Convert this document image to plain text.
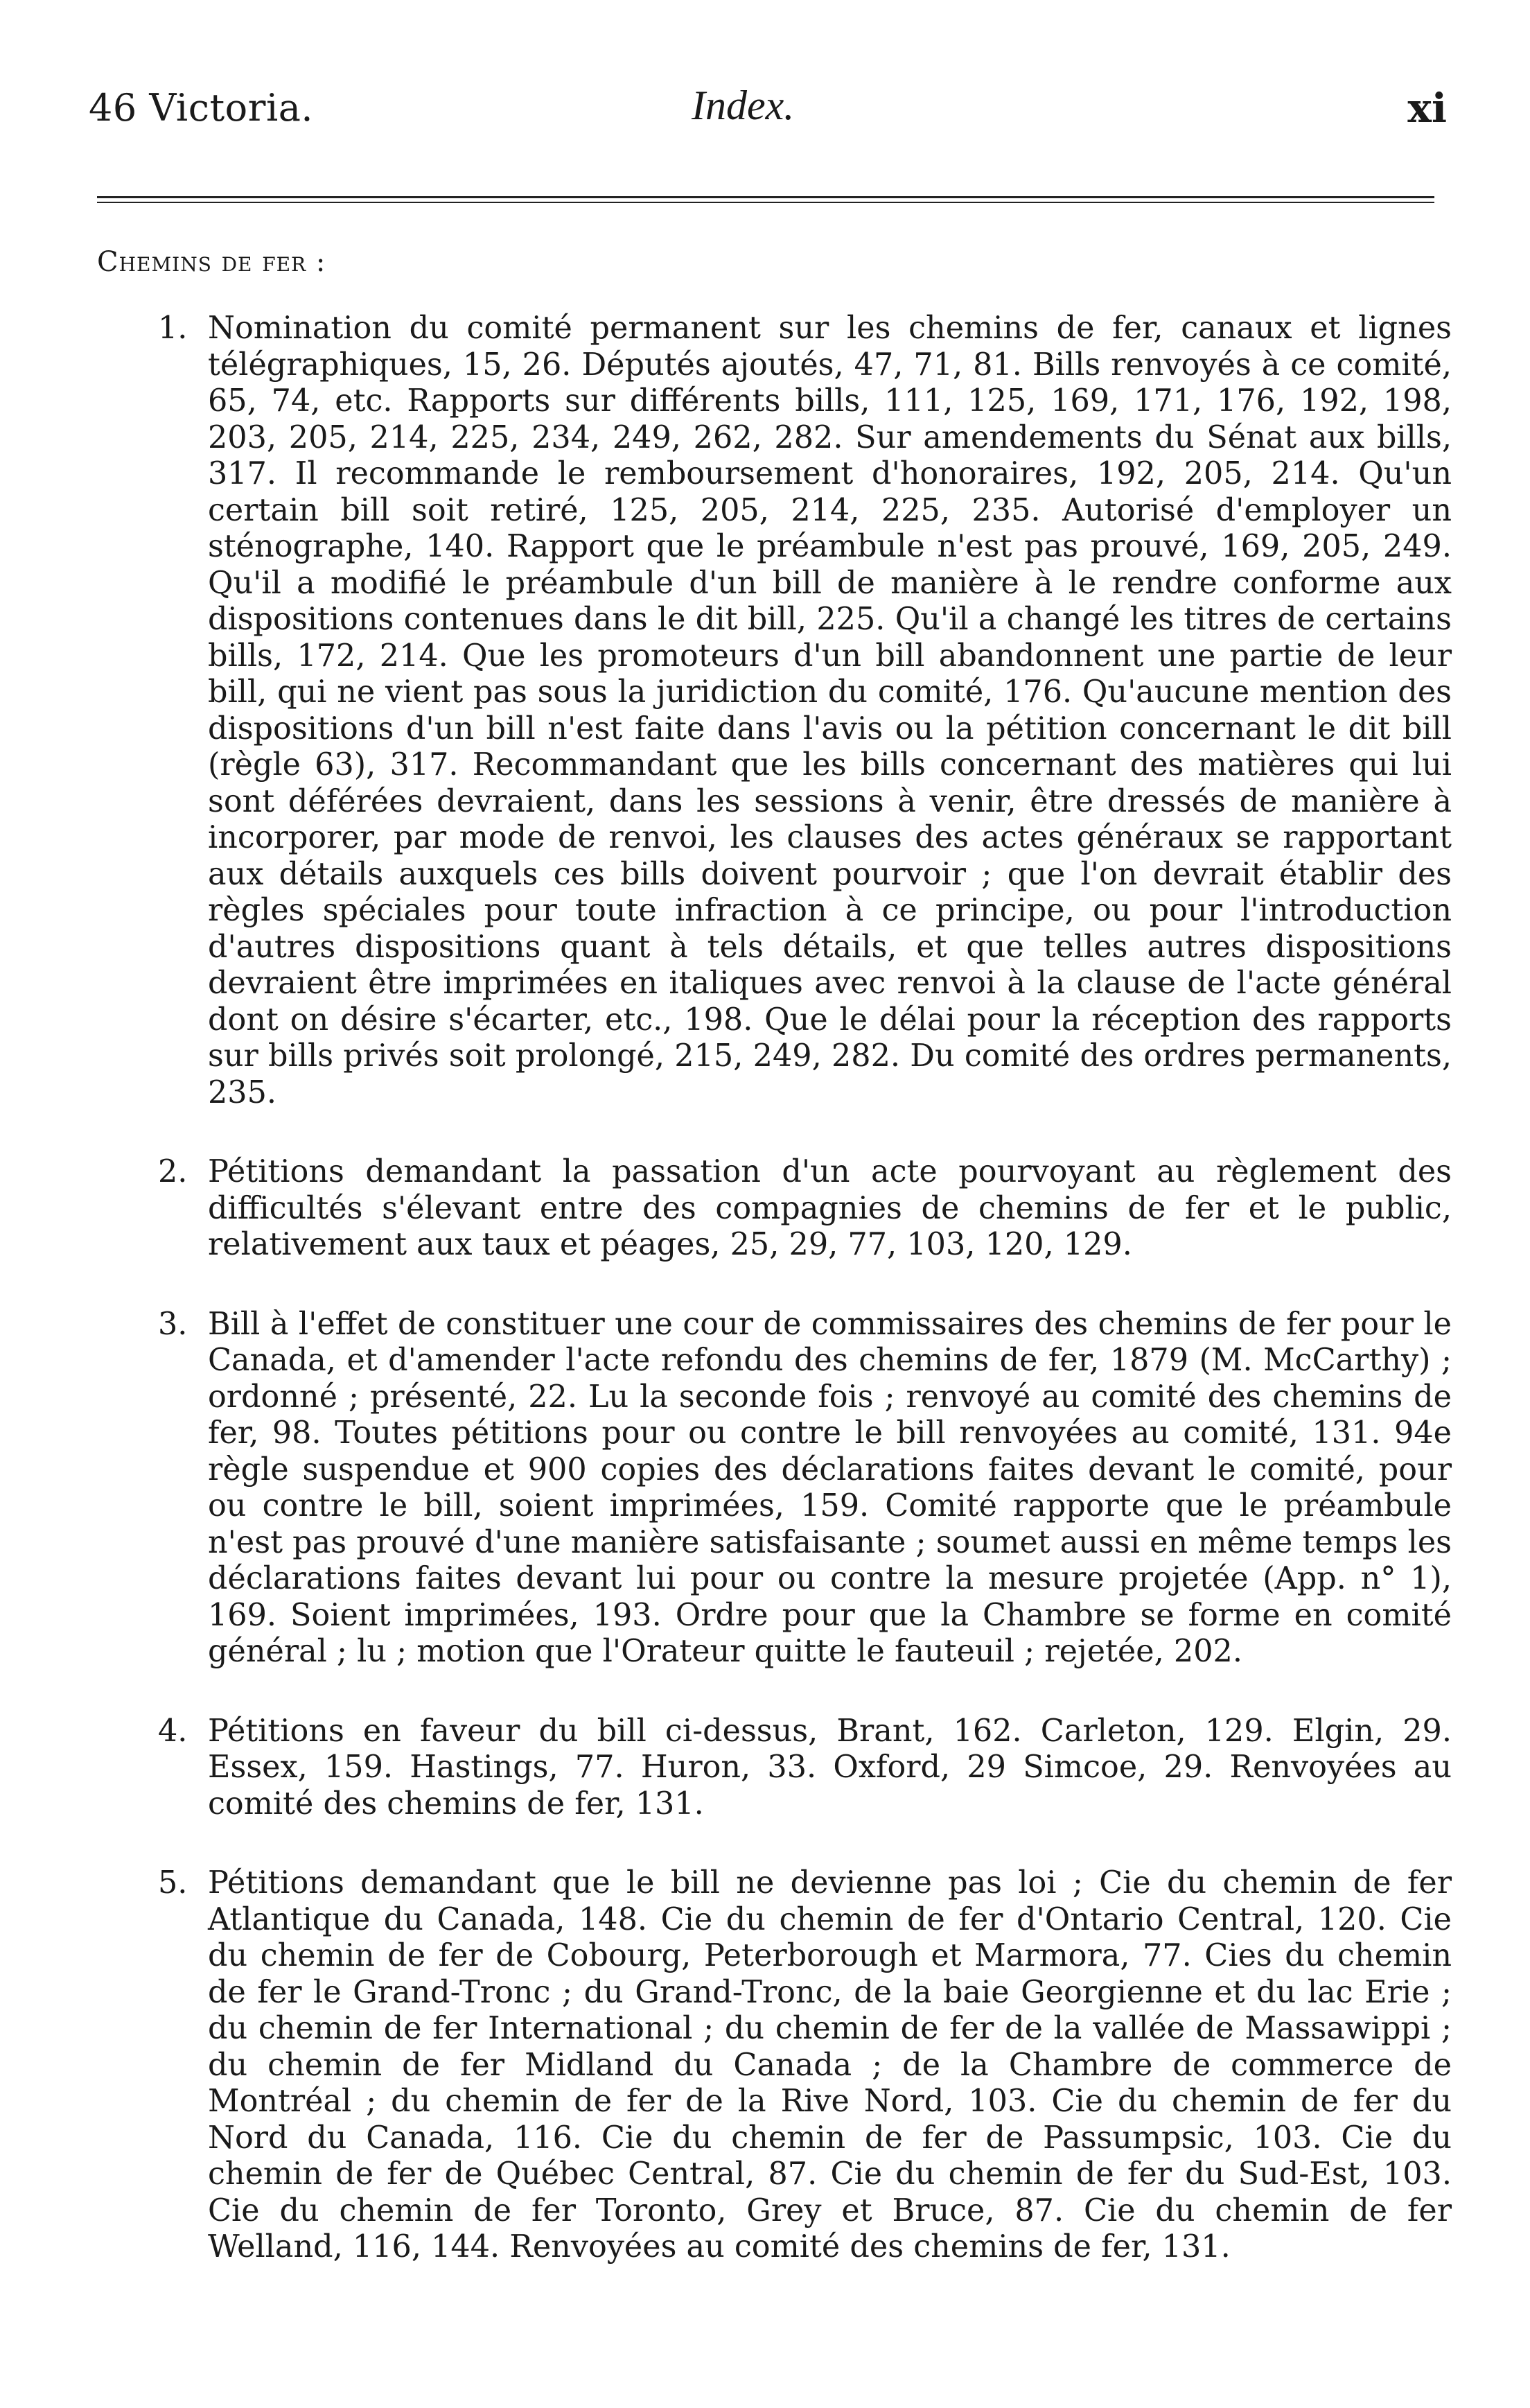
46 Victoria.	Index.	xi
Chemins de fer :

1. Nomination du comité permanent sur les chemins de fer, canaux et lignes télégraphiques, 15, 26. Députés ajoutés, 47, 71, 81. Bills renvoyés à ce comité, 65, 74, etc. Rapports sur différents bills, 111, 125, 169, 171, 176, 192, 198, 203, 205, 214, 225, 234, 249, 262, 282. Sur amendements du Sénat aux bills, 317. Il recommande le remboursement d'honoraires, 192, 205, 214. Qu'un certain bill soit retiré, 125, 205, 214, 225, 235. Autorisé d'employer un sténographe, 140. Rapport que le préambule n'est pas prouvé, 169, 205, 249. Qu'il a modifié le préambule d'un bill de manière à le rendre conforme aux dispositions contenues dans le dit bill, 225. Qu'il a changé les titres de certains bills, 172, 214. Que les promoteurs d'un bill abandonnent une partie de leur bill, qui ne vient pas sous la juridiction du comité, 176. Qu'aucune mention des dispositions d'un bill n'est faite dans l'avis ou la pétition concernant le dit bill (règle 63), 317. Recommandant que les bills concernant des matières qui lui sont déférées devraient, dans les sessions à venir, être dressés de manière à incorporer, par mode de renvoi, les clauses des actes généraux se rapportant aux détails auxquels ces bills doivent pourvoir ; que l'on devrait établir des règles spéciales pour toute infraction à ce principe, ou pour l'introduction d'autres dispositions quant à tels détails, et que telles autres dispositions devraient être imprimées en italiques avec renvoi à la clause de l'acte général dont on désire s'écarter, etc., 198. Que le délai pour la réception des rapports sur bills privés soit prolongé, 215, 249, 282. Du comité des ordres permanents, 235.

2. Pétitions demandant la passation d'un acte pourvoyant au règlement des difficultés s'élevant entre des compagnies de chemins de fer et le public, relativement aux taux et péages, 25, 29, 77, 103, 120, 129.

3. Bill à l'effet de constituer une cour de commissaires des chemins de fer pour le Canada, et d'amender l'acte refondu des chemins de fer, 1879 (M. McCarthy) ; ordonné ; présenté, 22. Lu la seconde fois ; renvoyé au comité des chemins de fer, 98. Toutes pétitions pour ou contre le bill renvoyées au comité, 131. 94e règle suspendue et 900 copies des déclarations faites devant le comité, pour ou contre le bill, soient imprimées, 159. Comité rapporte que le préambule n'est pas prouvé d'une manière satisfaisante ; soumet aussi en même temps les déclarations faites devant lui pour ou contre la mesure projetée (App. n° 1), 169. Soient imprimées, 193. Ordre pour que la Chambre se forme en comité général ; lu ; motion que l'Orateur quitte le fauteuil ; rejetée, 202.

4. Pétitions en faveur du bill ci-dessus, Brant, 162. Carleton, 129. Elgin, 29. Essex, 159. Hastings, 77. Huron, 33. Oxford, 29 Simcoe, 29. Renvoyées au comité des chemins de fer, 131.

5. Pétitions demandant que le bill ne devienne pas loi ; Cie du chemin de fer Atlantique du Canada, 148. Cie du chemin de fer d'Ontario Central, 120. Cie du chemin de fer de Cobourg, Peterborough et Marmora, 77. Cies du chemin de fer le Grand-Tronc ; du Grand-Tronc, de la baie Georgienne et du lac Erie ; du chemin de fer International ; du chemin de fer de la vallée de Massawippi ; du chemin de fer Midland du Canada ; de la Chambre de commerce de Montréal ; du chemin de fer de la Rive Nord, 103. Cie du chemin de fer du Nord du Canada, 116. Cie du chemin de fer de Passumpsic, 103. Cie du chemin de fer de Québec Central, 87. Cie du chemin de fer du Sud-Est, 103. Cie du chemin de fer Toronto, Grey et Bruce, 87. Cie du chemin de fer Welland, 116, 144. Renvoyées au comité des chemins de fer, 131.
